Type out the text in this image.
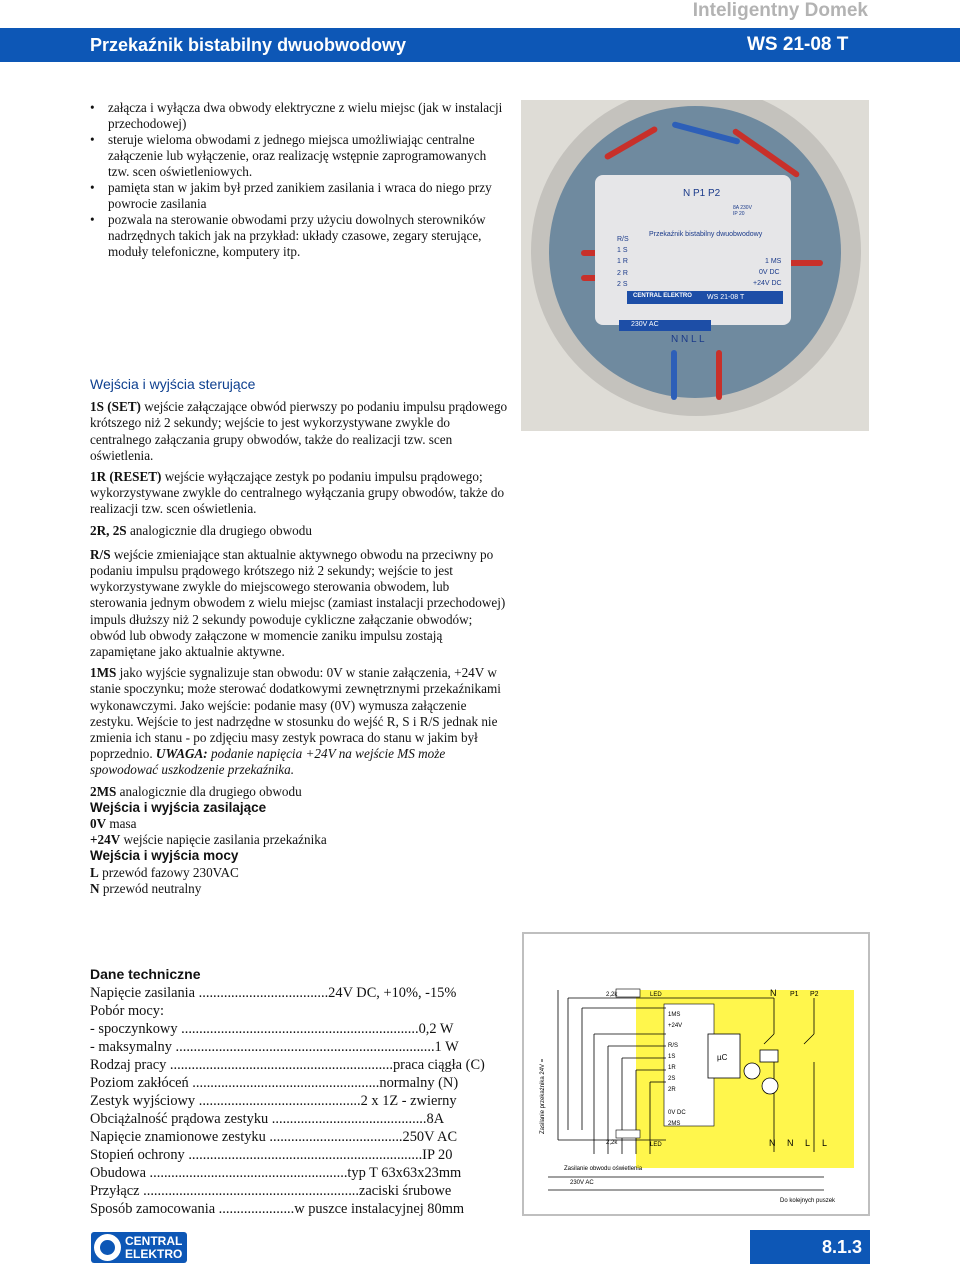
Inteligentny Domek
Przekaźnik bistabilny dwuobwodowy	WS 21-08 T
• załącza i wyłącza dwa obwody elektryczne z wielu miejsc (jak w instalacji przechodowej)
• steruje wieloma obwodami z jednego miejsca umożliwiając centralne załączenie lub wyłączenie, oraz realizację wstępnie zaprogramowanych tzw. scen oświetleniowych.
• pamięta stan w jakim był przed zanikiem zasilania i wraca do niego przy powrocie zasilania
• pozwala na sterowanie obwodami przy użyciu dowolnych sterowników nadrzędnych takich jak na przykład: układy czasowe, zegary sterujące, moduły telefoniczne, komputery itp.
N P1 P2
8A 230V
IP 20
Przekaźnik bistabilny dwuobwodowy
R/S
1 S
1 R
2 R
2 S
1 MS
0V DC
+24V DC
CENTRAL ELEKTRO WS 21-08 T
230V AC
N N L L

Wejścia i wyjścia sterujące

1S (SET) wejście załączające obwód pierwszy po podaniu impulsu prądowego krótszego niż 2 sekundy; wejście to jest wykorzystywane zwykle do centralnego załączania grupy obwodów, także do realizacji tzw. scen oświetlenia.

1R (RESET) wejście wyłączające zestyk po podaniu impulsu prądowego; wykorzystywane zwykle do centralnego wyłączania grupy obwodów, także do realizacji tzw. scen oświetlenia.

2R, 2S analogicznie dla drugiego obwodu

R/S wejście zmieniające stan aktualnie aktywnego obwodu na przeciwny po podaniu impulsu prądowego krótszego niż 2 sekundy; wejście to jest wykorzystywane zwykle do miejscowego sterowania obwodem, lub sterowania jednym obwodem z wielu miejsc (zamiast instalacji przechodowej) impuls dłuższy niż 2 sekundy powoduje cykliczne załączanie obwodów; obwód lub obwody załączone w momencie zaniku impulsu zostają zapamiętane jako aktualnie aktywne.

1MS jako wyjście sygnalizuje stan obwodu: 0V w stanie załączenia, +24V w stanie spoczynku; może sterować dodatkowymi zewnętrznymi przekaźnikami wykonawczymi. Jako wejście: podanie masy (0V) wymusza załączenie zestyku. Wejście to jest nadrzędne w stosunku do wejść R, S i R/S jednak nie zmienia ich stanu - po zdjęciu masy zestyk powraca do stanu w jakim był poprzednio. UWAGA: podanie napięcia +24V na wejście MS może spowodować uszkodzenie przekaźnika.

2MS analogicznie dla drugiego obwodu

Wejścia i wyjścia zasilające

0V masa

+24V wejście napięcie zasilania przekaźnika

Wejścia i wyjścia mocy

L przewód fazowy 230VAC

N przewód neutralny

Dane techniczne
Napięcie zasilania ....................................24V DC, +10%, -15%
Pobór mocy:
- spoczynkowy ..................................................................0,2 W
- maksymalny ........................................................................1 W
Rodzaj pracy ..............................................................praca ciągła (C)
Poziom zakłóceń ....................................................normalny (N)
Zestyk wyjściowy .............................................2 x 1Z - zwierny
Obciążalność prądowa zestyku ...........................................8A
Napięcie znamionowe zestyku .....................................250V AC
Stopień ochrony .................................................................IP 20
Obudowa .......................................................typ T 63x63x23mm
Przyłącz ............................................................zaciski śrubowe
Sposób zamocowania .....................w puszce instalacyjnej 80mm
µC
2,2k	LED
2,2k	LED
1MS
+24V
R/S
1S
1R
2S
2R
0V DC
2MS
Zasilanie obwodu oświetlenia
230V AC
Do kolejnych puszek
Zasilanie przekaźnika 24V =
N P1 P2
N N L L
CENTRAL
ELEKTRO	8.1.3
